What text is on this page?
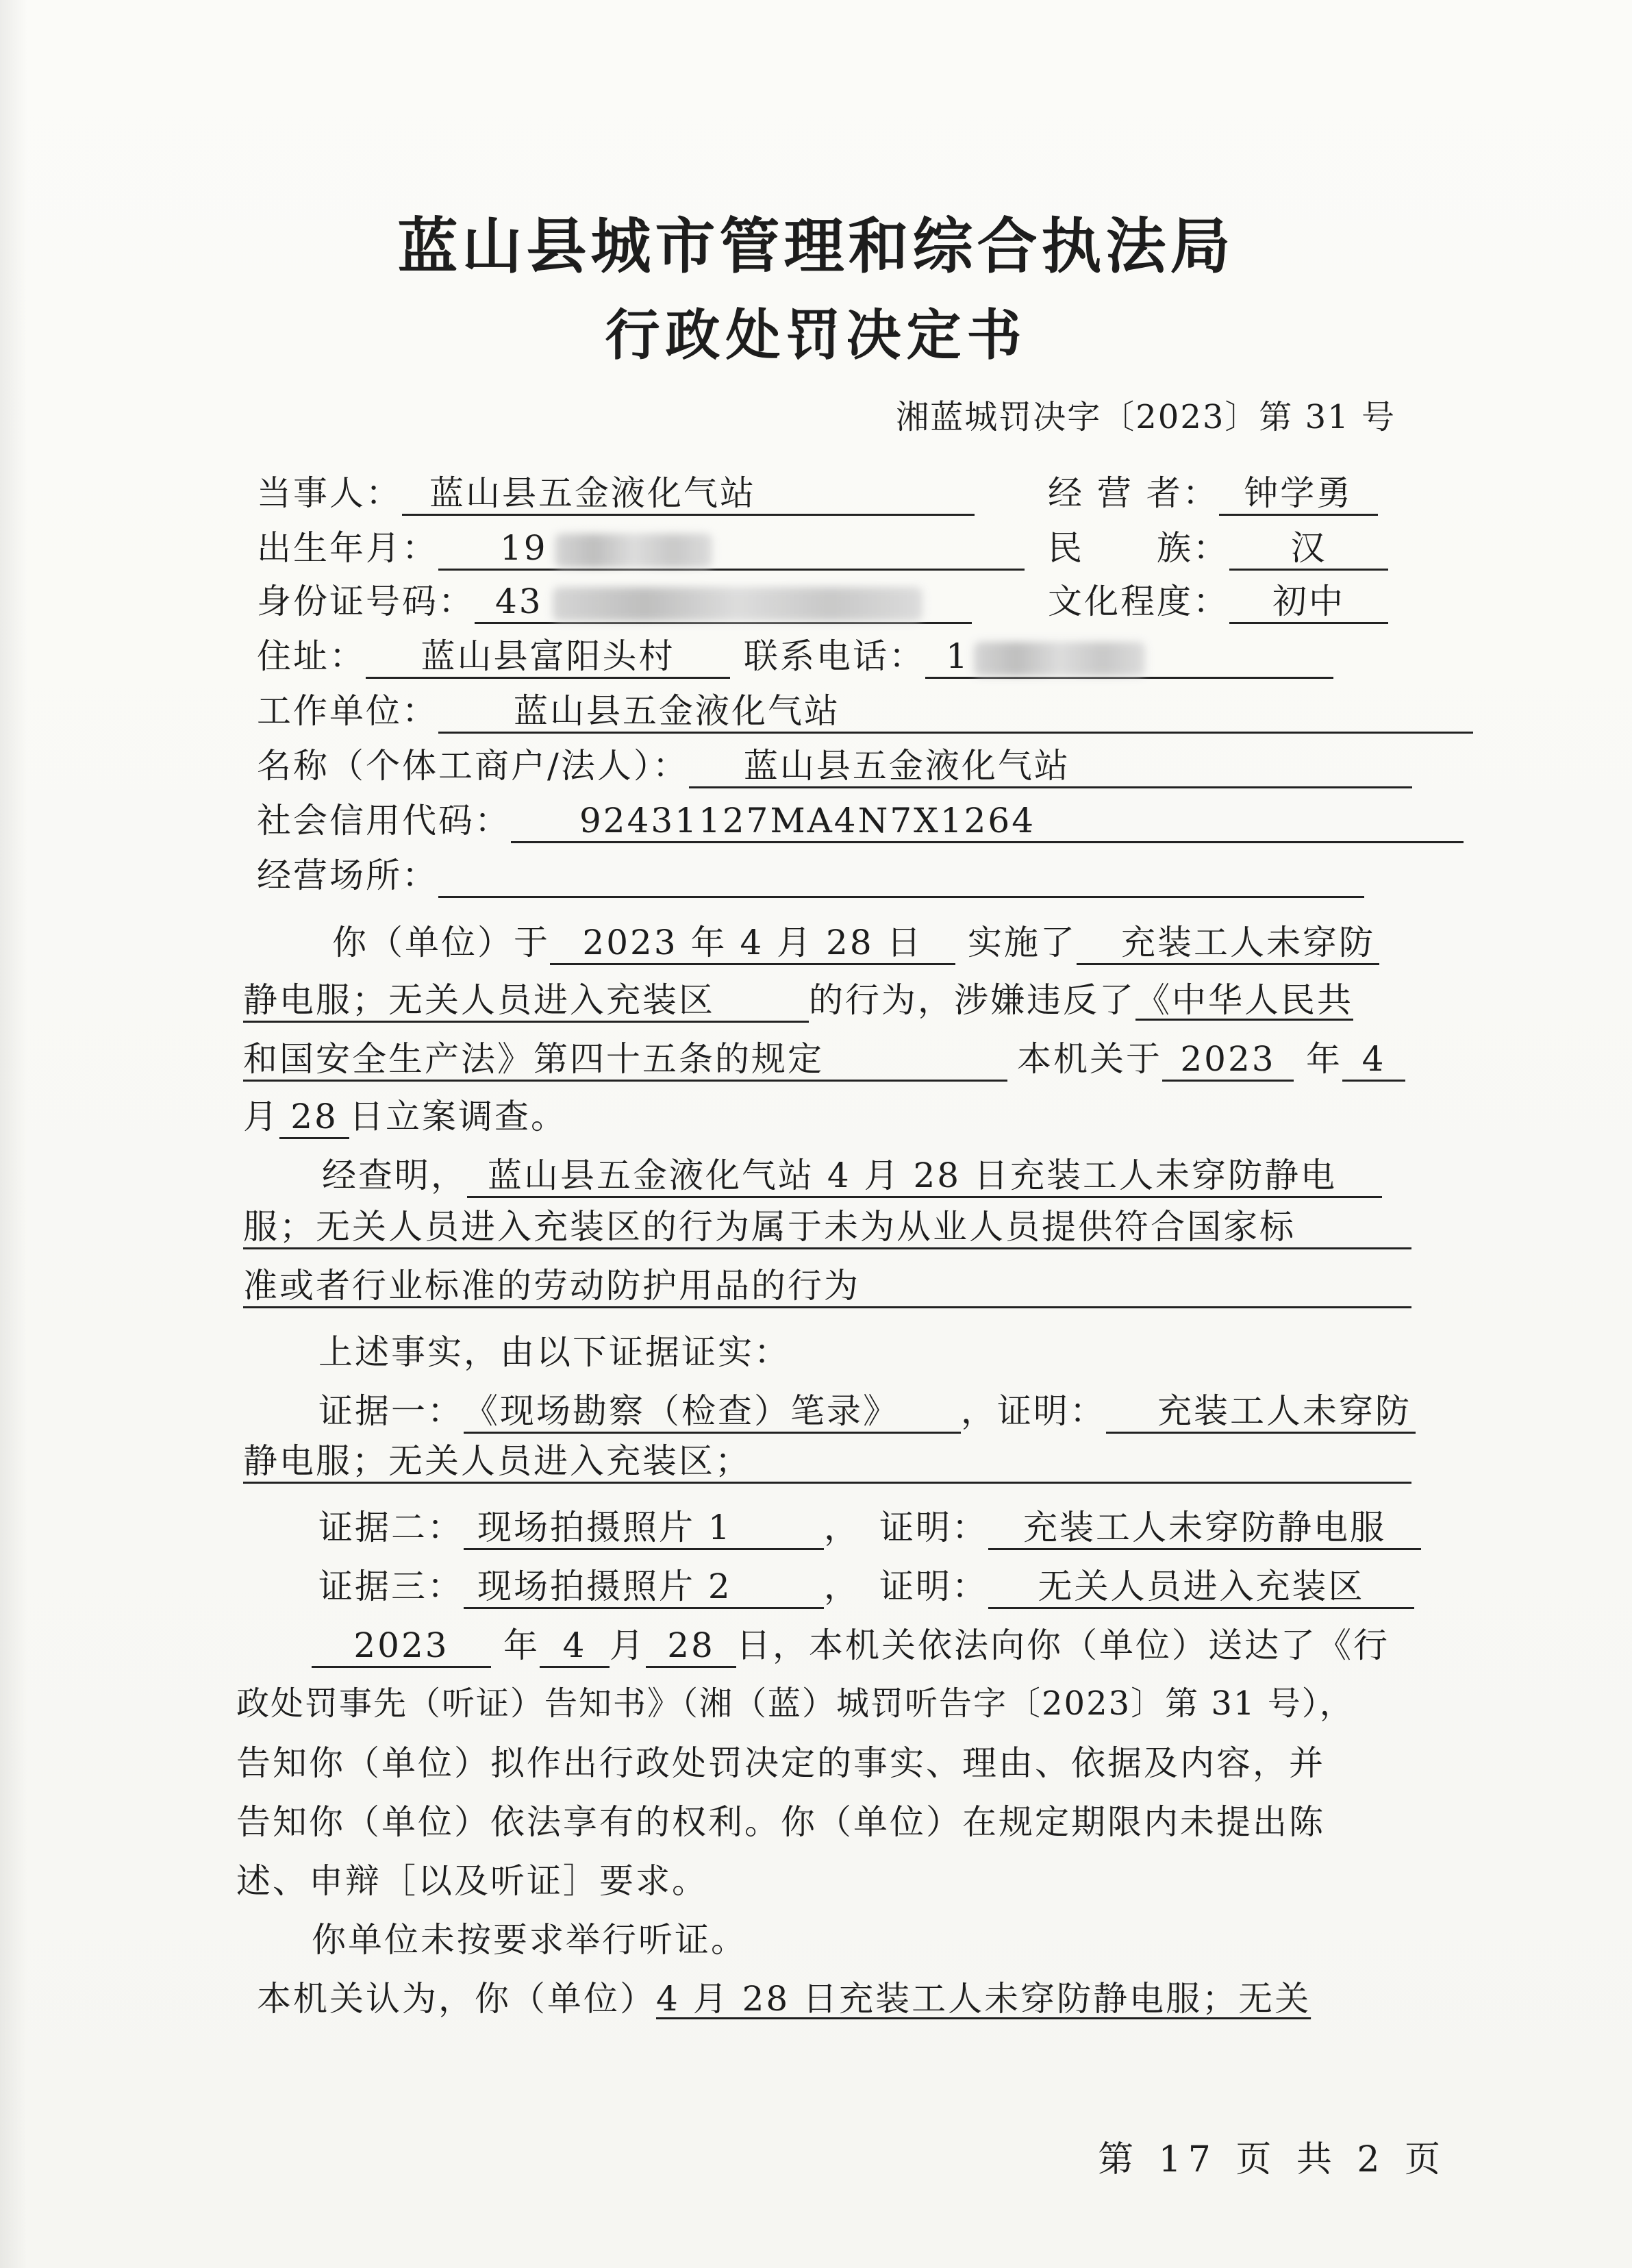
蓝山县城市管理和综合执法局
行政处罚决定书
湘蓝城罚决字〔2023〕第 31 号
当事人： 蓝山县五金液化气站	经 营 者： 钟学勇
出生年月： 19	民　　族： 汉
身份证号码： 43	文化程度： 初中
住址： 蓝山县富阳头村 联系电话： 1
工作单位： 蓝山县五金液化气站
名称（个体工商户/法人）： 蓝山县五金液化气站
社会信用代码： 92431127MA4N7X1264
经营场所：
你（单位）于 2023 年 4 月 28 日 实施了 充装工人未穿防
静电服；无关人员进入充装区	的行为，涉嫌违反了《中华人民共
和国安全生产法》第四十五条的规定	本机关于 2023 年 4
月 28 日立案调查。
经查明， 蓝山县五金液化气站 4 月 28 日充装工人未穿防静电
服；无关人员进入充装区的行为属于未为从业人员提供符合国家标
准或者行业标准的劳动防护用品的行为
上述事实，由以下证据证实：
证据一：《现场勘察（检查）笔录》 ，证明： 充装工人未穿防
静电服；无关人员进入充装区；
证据二： 现场拍摄照片 1	，　证明： 充装工人未穿防静电服
证据三： 现场拍摄照片 2	，　证明： 无关人员进入充装区
2023 年 4 月 28 日，本机关依法向你（单位）送达了《行
政处罚事先（听证）告知书》（湘（蓝）城罚听告字〔2023〕第 31 号），
告知你（单位）拟作出行政处罚决定的事实、理由、依据及内容，并
告知你（单位）依法享有的权利。你（单位）在规定期限内未提出陈
述、申辩［以及听证］要求。
你单位未按要求举行听证。
本机关认为，你（单位）4 月 28 日充装工人未穿防静电服；无关
第 17 页 共 2 页
